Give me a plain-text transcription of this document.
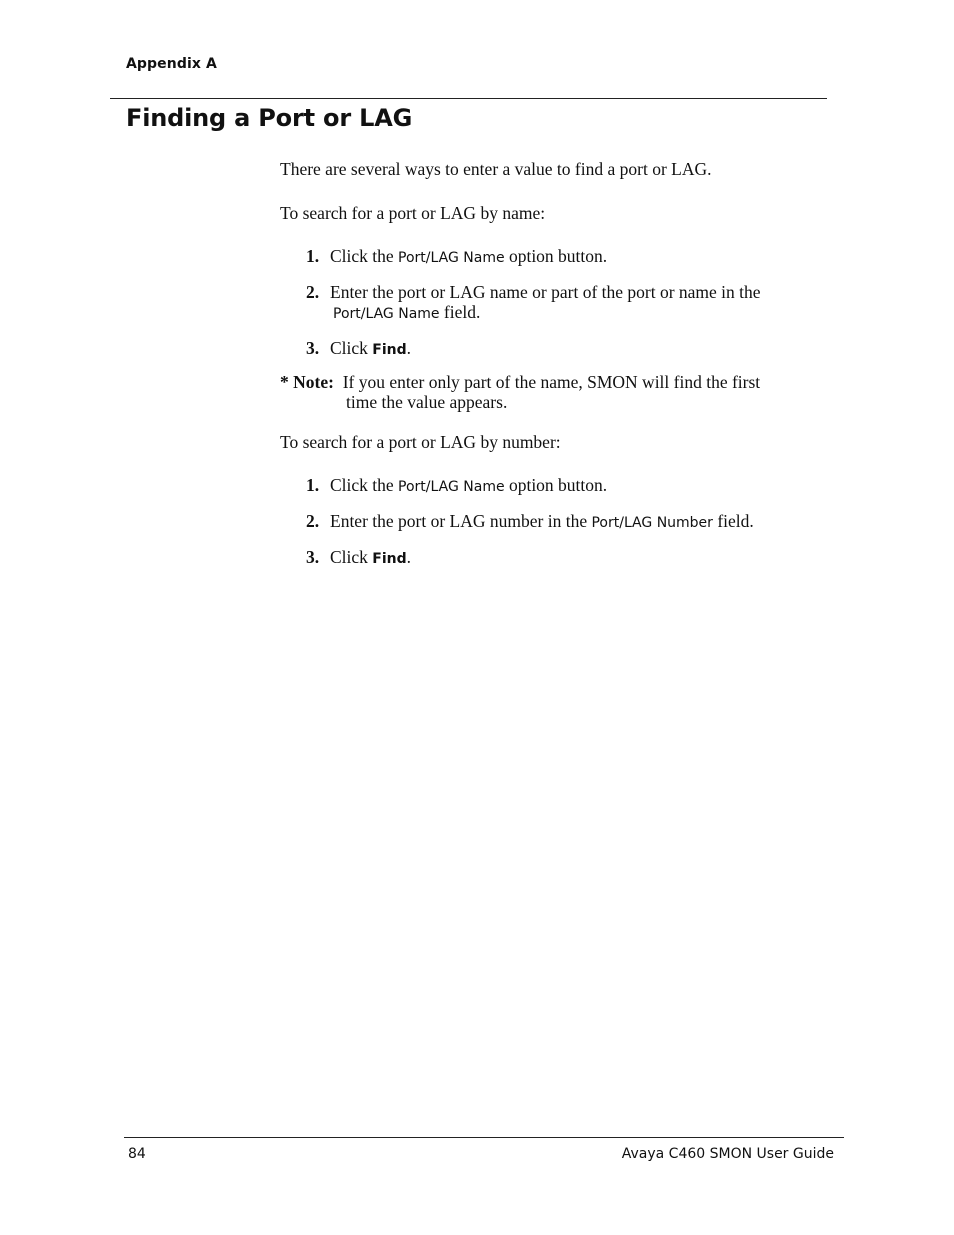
Appendix A
Finding a Port or LAG

There are several ways to enter a value to find a port or LAG.

To search for a port or LAG by name:

1. Click the Port/LAG Name option button.
2. Enter the port or LAG name or part of the port or name in the
Port/LAG Name field.
3. Click Find.
* Note: If you enter only part of the name, SMON will find the first
time the value appears.

To search for a port or LAG by number:

1. Click the Port/LAG Name option button.
2. Enter the port or LAG number in the Port/LAG Number field.
3. Click Find.
84	Avaya C460 SMON User Guide
